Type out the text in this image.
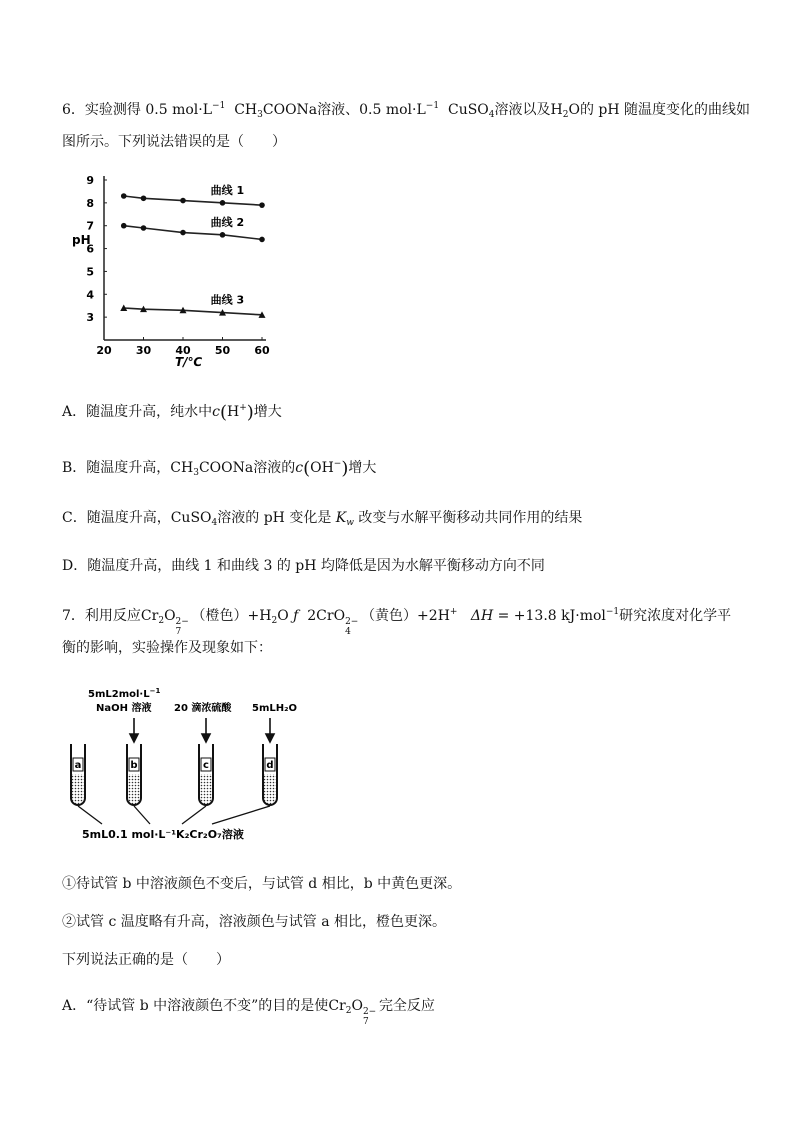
6．实验测得 0.5 $mol\cdot L^{-1}$ $CH_3COONa$溶液、0.5 $mol\cdot L^{-1}$ CuSO$_4$溶液以及$H_2O$的 pH 随温度变化的曲线如
图所示。下列说法错误的是（　　）
20 30 40 50 60
3
4
5
6
7
8
9
曲线 1
曲线 2
曲线 3
T/℃
pH
A．随温度升高，纯水中c(H+)增大
B．随温度升高，$CH_3COONa$溶液的c(OH−)增大
C．随温度升高，CuSO$_4$溶液的 pH 变化是 $K_w$ 改变与水解平衡移动共同作用的结果
D．随温度升高，曲线 1 和曲线 3 的 pH 均降低是因为水解平衡移动方向不同
7．利用反应$Cr_2O$ 2−
7
（橙色）$+H_2O$ ƒ 2CrO 2−
4
（黄色）+2H+ ΔH = +13.8 kJ·mol$^{-1}$研究浓度对化学平
衡的影响，实验操作及现象如下：
$5mL2mol\cdot L^{-1}$
NaOH 溶液 20 滴浓硫酸 5mLH₂O
a	b	c	d
5mL0.1 mol·L⁻¹K₂Cr₂O₇溶液
①待试管 b 中溶液颜色不变后，与试管 d 相比，b 中黄色更深。
②试管 c 温度略有升高，溶液颜色与试管 a 相比，橙色更深。
下列说法正确的是（　　）
A．“待试管 b 中溶液颜色不变”的目的是使$Cr_2O$ 2−
7
完全反应
